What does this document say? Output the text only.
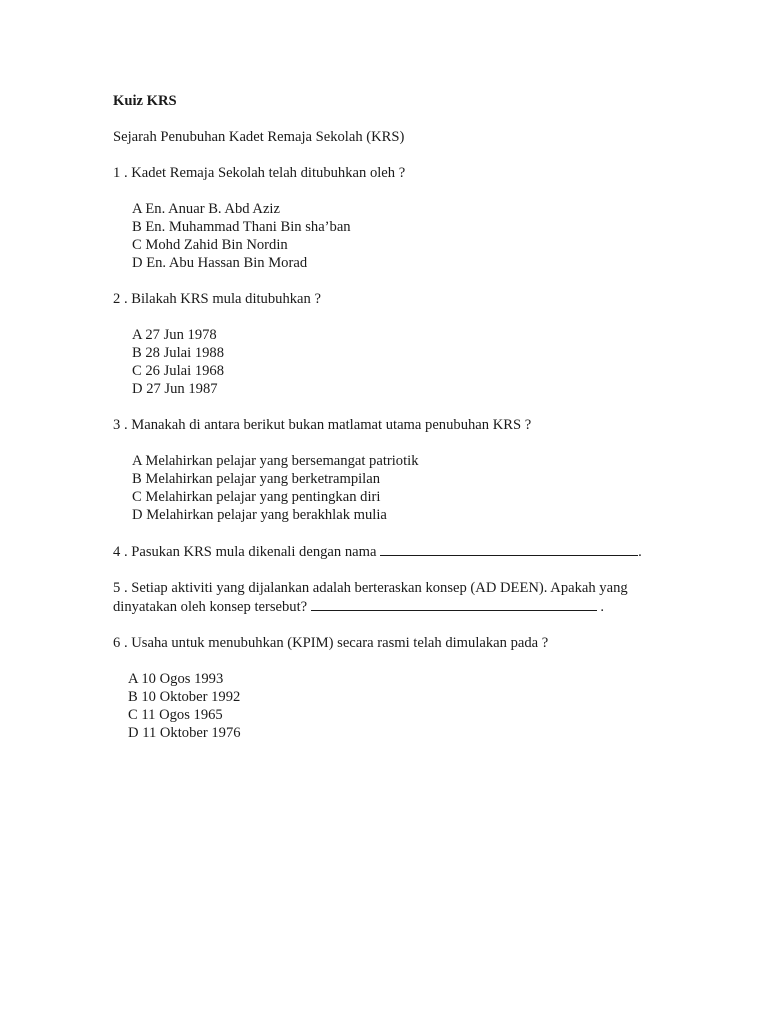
Kuiz KRS
Sejarah Penubuhan Kadet Remaja Sekolah (KRS)
1 . Kadet Remaja Sekolah telah ditubuhkan oleh ?
A En. Anuar B. Abd Aziz
B En. Muhammad Thani Bin sha’ban
C Mohd Zahid Bin Nordin
D En. Abu Hassan Bin Morad
2 . Bilakah KRS mula ditubuhkan ?
A 27 Jun 1978
B 28 Julai 1988
C 26 Julai 1968
D 27 Jun 1987
3 . Manakah di antara berikut bukan matlamat utama penubuhan KRS ?
A Melahirkan pelajar yang bersemangat patriotik
B Melahirkan pelajar yang berketrampilan
C Melahirkan pelajar yang pentingkan diri
D Melahirkan pelajar yang berakhlak mulia
4 . Pasukan KRS mula dikenali dengan nama	.
5 . Setiap aktiviti yang dijalankan adalah berteraskan konsep (AD DEEN). Apakah yang
dinyatakan oleh konsep tersebut?	.
6 . Usaha untuk menubuhkan (KPIM) secara rasmi telah dimulakan pada ?
A 10 Ogos 1993
B 10 Oktober 1992
C 11 Ogos 1965
D 11 Oktober 1976
